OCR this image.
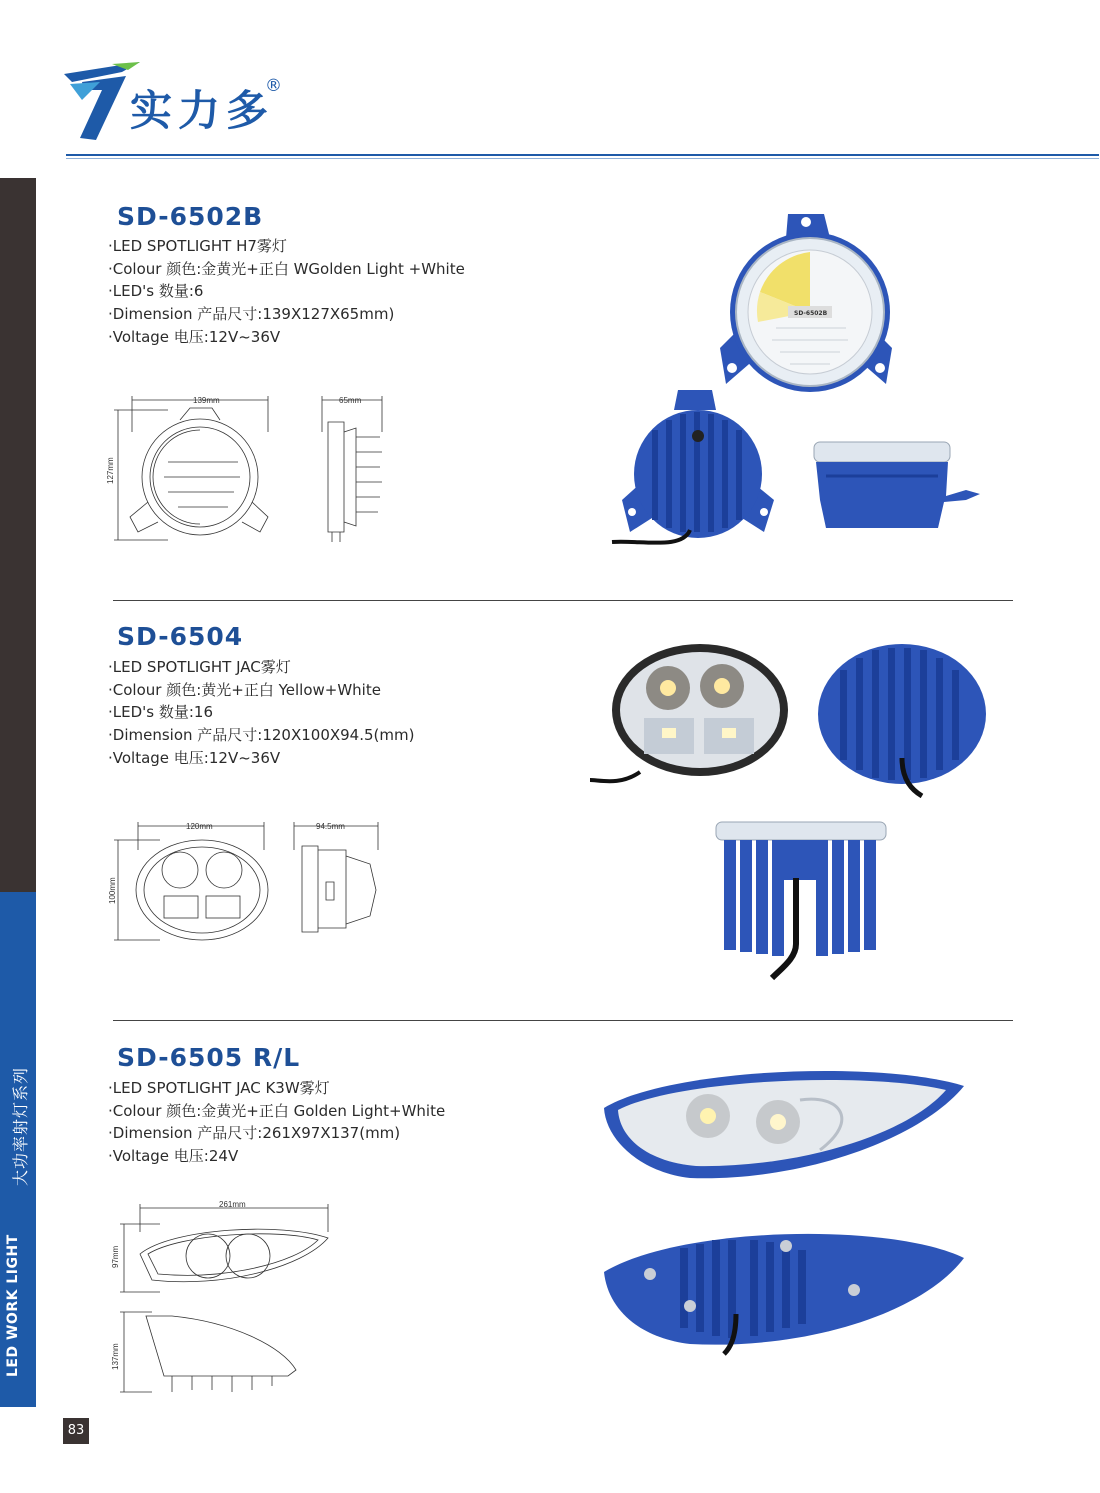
实力多
®
大功率射灯系列
83
SD-6502B
·LED SPOTLIGHT H7雾灯
·Colour 颜色:金黄光+正白 WGolden Light +White
·LED's 数量:6
·Dimension 产品尺寸:139X127X65mm)
·Voltage 电压:12V~36V
139mm
127mm
65mm
SD-6502B
SD-6504
·LED SPOTLIGHT JAC雾灯
·Colour 颜色:黄光+正白 Yellow+White
·LED's 数量:16
·Dimension 产品尺寸:120X100X94.5(mm)
·Voltage 电压:12V~36V
120mm
100mm
94.5mm
SD-6505 R/L
·LED SPOTLIGHT JAC K3W雾灯
·Colour 颜色:金黄光+正白 Golden Light+White
·Dimension 产品尺寸:261X97X137(mm)
·Voltage 电压:24V
261mm
97mm
137mm
